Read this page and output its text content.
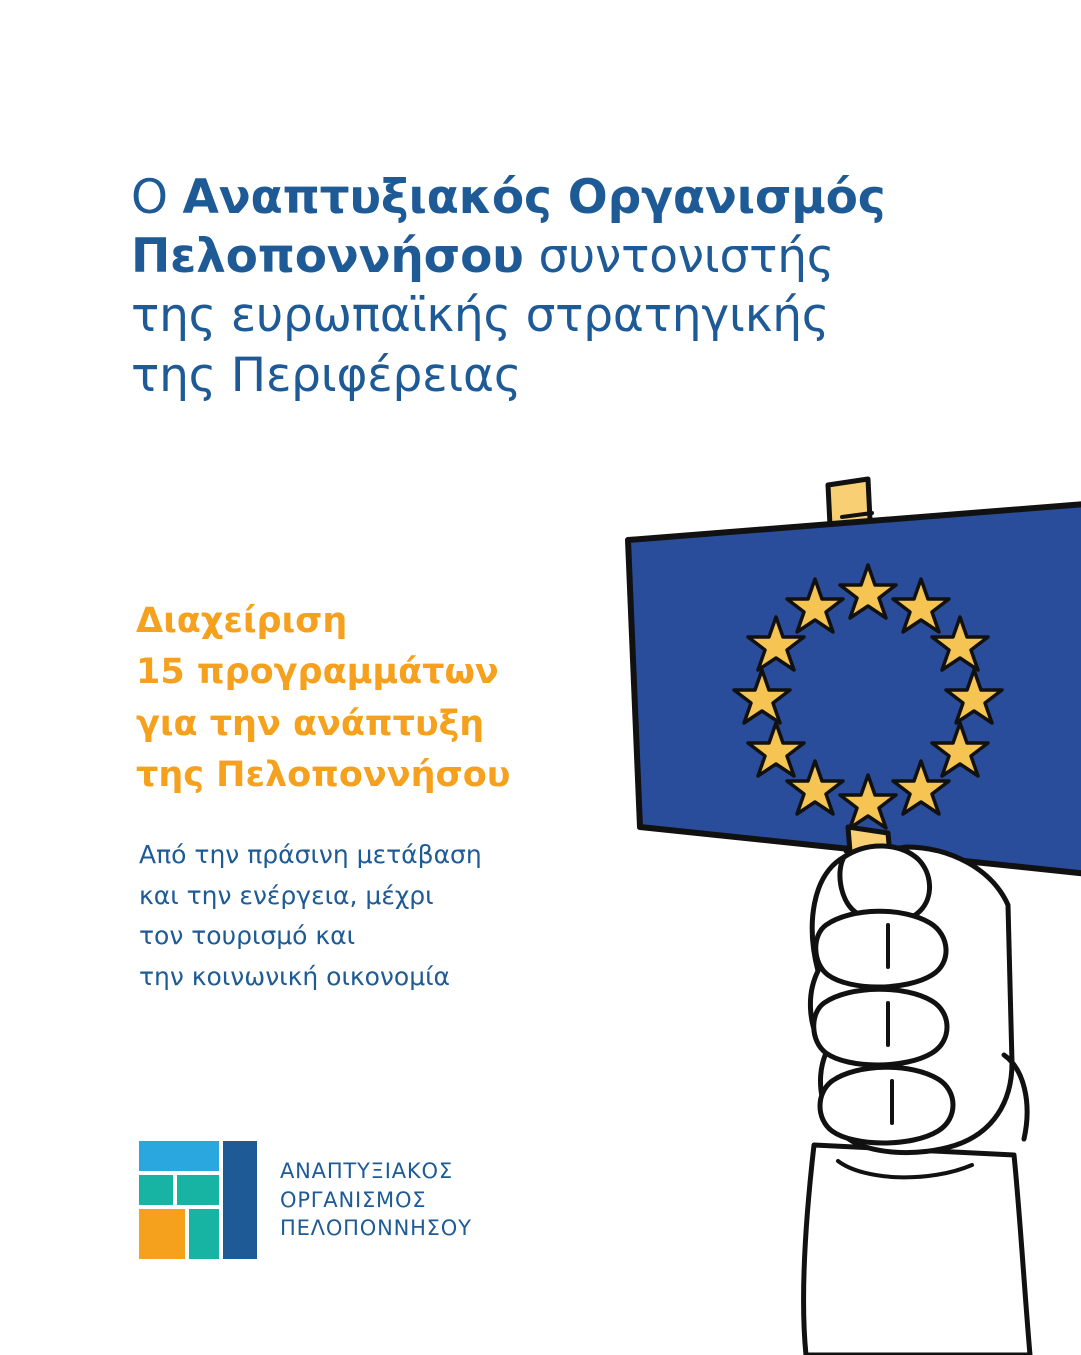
Ο Αναπτυξιακός Οργανισμός
Πελοποννήσου συντονιστής
της ευρωπαϊκής στρατηγικής
της Περιφέρειας
Διαχείριση
15 προγραμμάτων
για την ανάπτυξη
της Πελοποννήσου
Από την πράσινη μετάβαση
και την ενέργεια, μέχρι
τον τουρισμό και
την κοινωνική οικονομία
ΑΝΑΠΤΥΞΙΑΚΟΣ
ΟΡΓΑΝΙΣΜΟΣ
ΠΕΛΟΠΟΝΝΗΣΟΥ
